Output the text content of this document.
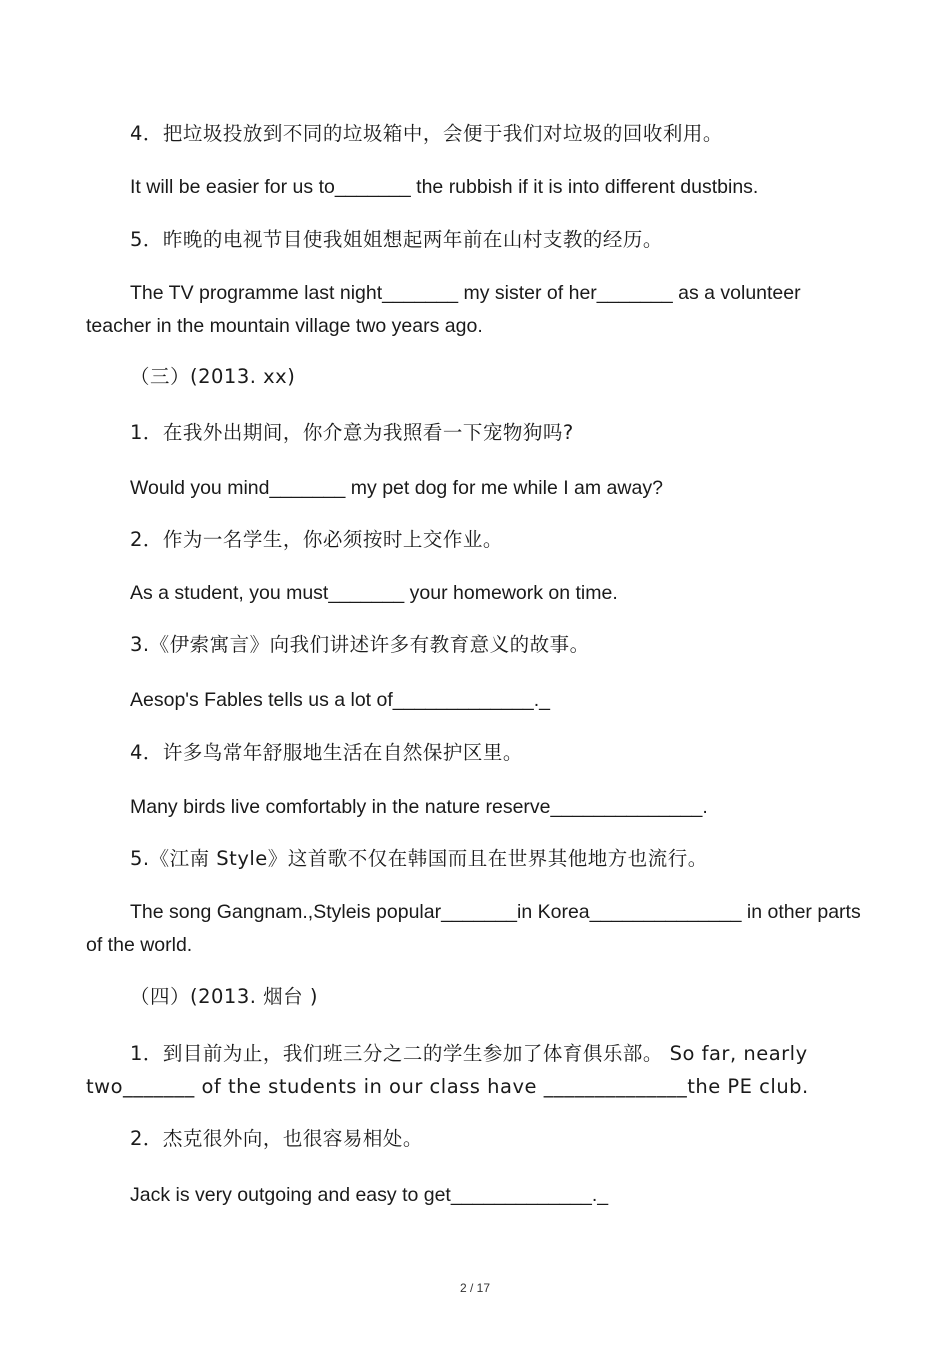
4．把垃圾投放到不同的垃圾箱中，会便于我们对垃圾的回收利用。

It will be easier for us to_______ the rubbish if it is into different dustbins.

5．昨晚的电视节目使我姐姐想起两年前在山村支教的经历。

The TV programme last night_______ my sister of her_______ as a volunteer teacher in the mountain village two years ago.

（三）(2013. xx)

1．在我外出期间，你介意为我照看一下宠物狗吗?

Would you mind_______ my pet dog for me while I am away?

2．作为一名学生，你必须按时上交作业。

As a student, you must_______ your homework on time.

3.《伊索寓言》向我们讲述许多有教育意义的故事。

Aesop's Fables tells us a lot of_____________._

4．许多鸟常年舒服地生活在自然保护区里。

Many birds live comfortably in the nature reserve______________.

5.《江南 Style》这首歌不仅在韩国而且在世界其他地方也流行。

The song Gangnam.,Styleis popular_______in Korea______________ in other parts of the world.

（四）(2013. 烟台 )

1．到目前为止，我们班三分之二的学生参加了体育俱乐部。 So far, nearly two_______ of the students in our class have ______________the PE club.

2．杰克很外向，也很容易相处。

Jack is very outgoing and easy to get_____________._

2 / 17
